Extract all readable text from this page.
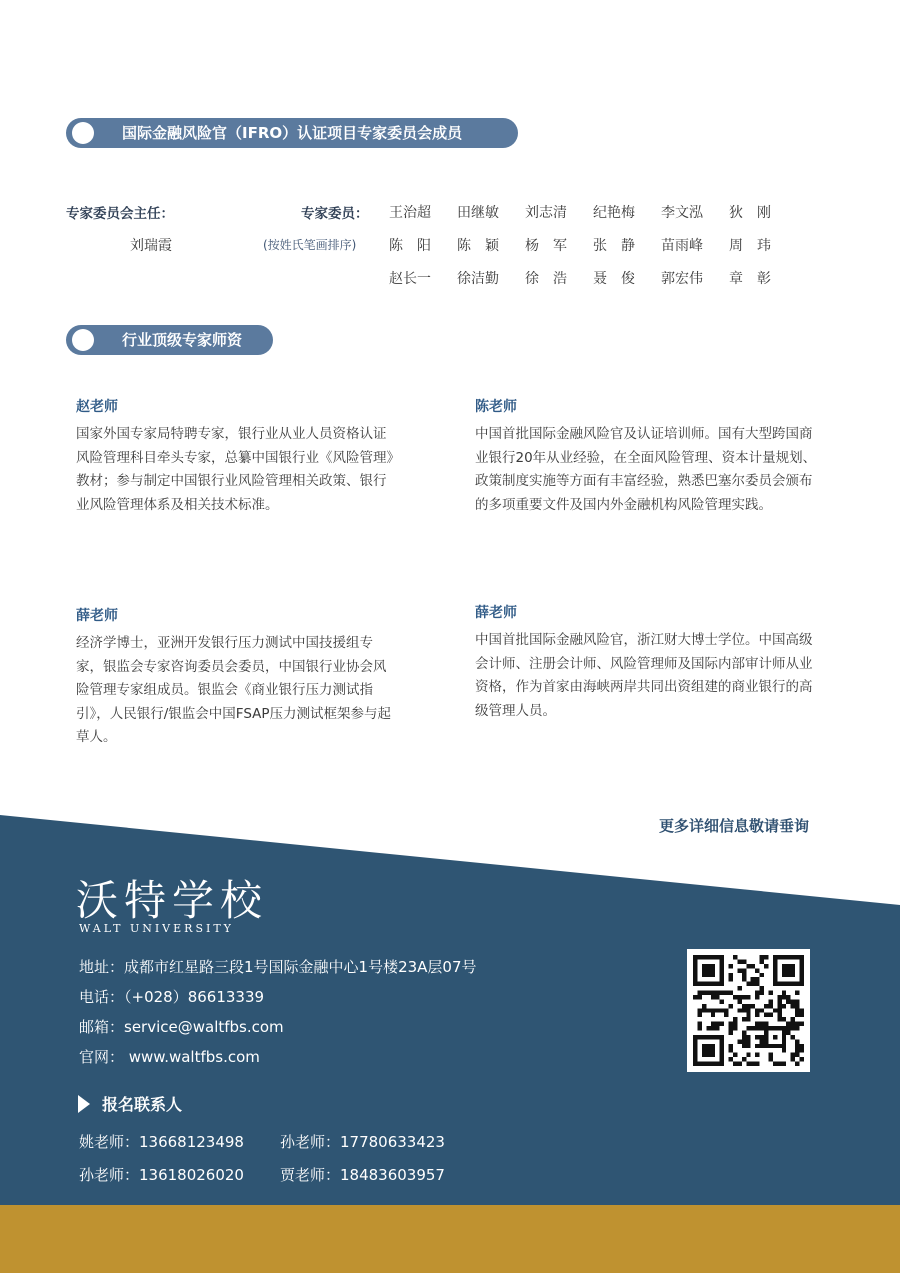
国际金融风险官（IFRO）认证项目专家委员会成员
专家委员会主任：
刘瑞霞
专家委员：
(按姓氏笔画排序)
王治超 田继敏 刘志清 纪艳梅 李文泓 狄　刚
陈　阳 陈　颖 杨　军 张　静 苗雨峰 周　玮
赵长一 徐洁勤 徐　浩 聂　俊 郭宏伟 章　彰
行业顶级专家师资
赵老师
国家外国专家局特聘专家，银行业从业人员资格认证风险管理科目牵头专家，总纂中国银行业《风险管理》教材；参与制定中国银行业风险管理相关政策、银行业风险管理体系及相关技术标准。
陈老师
中国首批国际金融风险官及认证培训师。国有大型跨国商业银行20年从业经验，在全面风险管理、资本计量规划、政策制度实施等方面有丰富经验，熟悉巴塞尔委员会颁布的多项重要文件及国内外金融机构风险管理实践。
薛老师
经济学博士，亚洲开发银行压力测试中国技援组专家，银监会专家咨询委员会委员，中国银行业协会风险管理专家组成员。银监会《商业银行压力测试指引》，人民银行/银监会中国FSAP压力测试框架参与起草人。
薛老师
中国首批国际金融风险官，浙江财大博士学位。中国高级会计师、注册会计师、风险管理师及国际内部审计师从业资格，作为首家由海峡两岸共同出资组建的商业银行的高级管理人员。
更多详细信息敬请垂询
沃特学校
WALT UNIVERSITY
地址：成都市红星路三段1号国际金融中心1号楼23A层07号
电话：（+028）86613339
邮箱：service@waltfbs.com
官网： www.waltfbs.com
报名联系人
姚老师：13668123498 孙老师：17780633423
孙老师：13618026020 贾老师：18483603957
